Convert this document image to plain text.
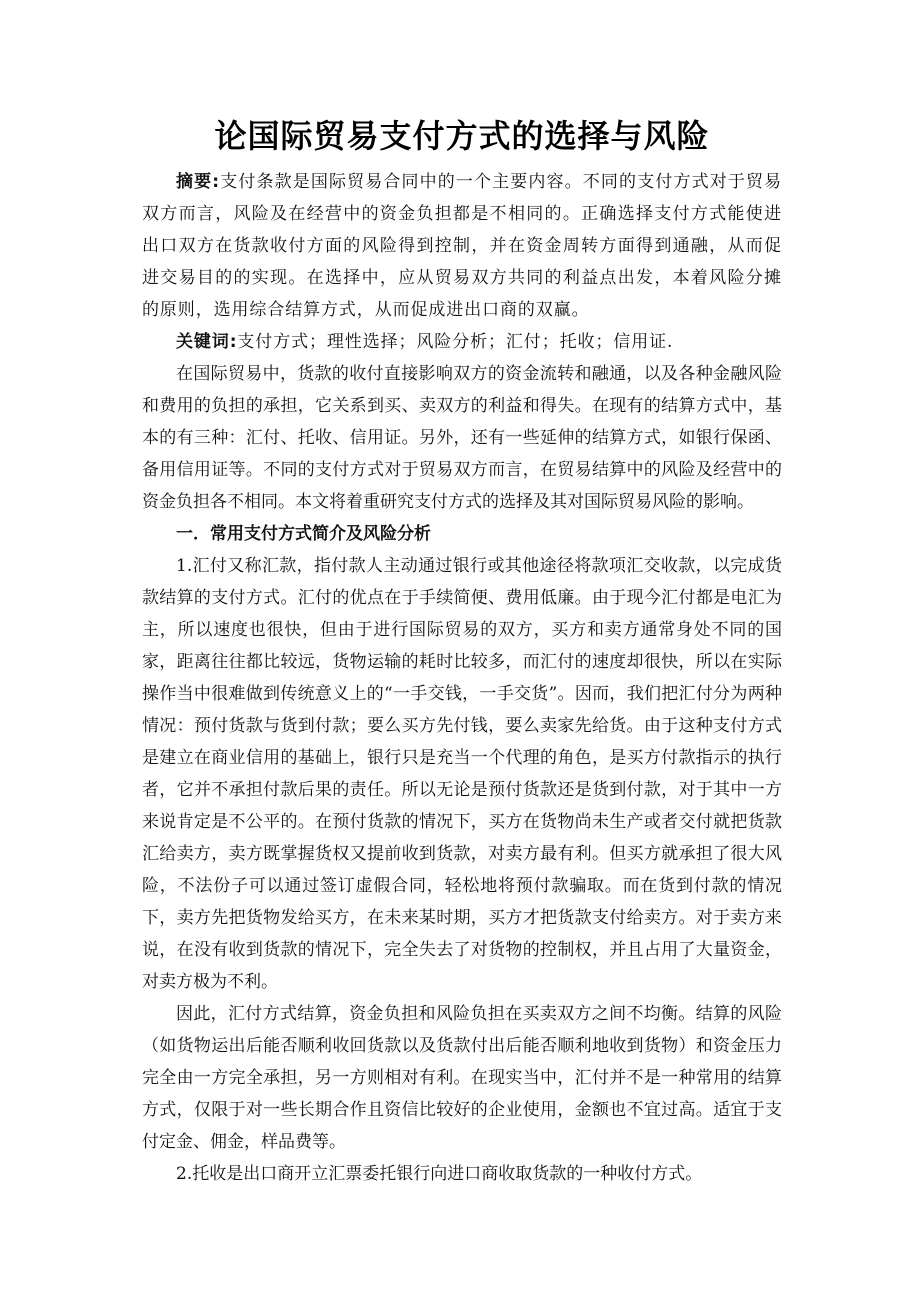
论国际贸易支付方式的选择与风险

摘要:支付条款是国际贸易合同中的一个主要内容。不同的支付方式对于贸易双方而言，风险及在经营中的资金负担都是不相同的。正确选择支付方式能使进出口双方在货款收付方面的风险得到控制，并在资金周转方面得到通融，从而促进交易目的的实现。在选择中，应从贸易双方共同的利益点出发，本着风险分摊的原则，选用综合结算方式，从而促成进出口商的双赢。

关键词:支付方式；理性选择；风险分析；汇付；托收；信用证.

在国际贸易中，货款的收付直接影响双方的资金流转和融通，以及各种金融风险和费用的负担的承担，它关系到买、卖双方的利益和得失。在现有的结算方式中，基本的有三种：汇付、托收、信用证。另外，还有一些延伸的结算方式，如银行保函、备用信用证等。不同的支付方式对于贸易双方而言，在贸易结算中的风险及经营中的资金负担各不相同。本文将着重研究支付方式的选择及其对国际贸易风险的影响。

一．常用支付方式简介及风险分析

1.汇付又称汇款，指付款人主动通过银行或其他途径将款项汇交收款，以完成货款结算的支付方式。汇付的优点在于手续简便、费用低廉。由于现今汇付都是电汇为主，所以速度也很快，但由于进行国际贸易的双方，买方和卖方通常身处不同的国家，距离往往都比较远，货物运输的耗时比较多，而汇付的速度却很快，所以在实际操作当中很难做到传统意义上的“一手交钱，一手交货”。因而，我们把汇付分为两种情况：预付货款与货到付款；要么买方先付钱，要么卖家先给货。由于这种支付方式是建立在商业信用的基础上，银行只是充当一个代理的角色，是买方付款指示的执行者，它并不承担付款后果的责任。所以无论是预付货款还是货到付款，对于其中一方来说肯定是不公平的。在预付货款的情况下，买方在货物尚未生产或者交付就把货款汇给卖方，卖方既掌握货权又提前收到货款，对卖方最有利。但买方就承担了很大风险，不法份子可以通过签订虚假合同，轻松地将预付款骗取。而在货到付款的情况下，卖方先把货物发给买方，在未来某时期，买方才把货款支付给卖方。对于卖方来说，在没有收到货款的情况下，完全失去了对货物的控制权，并且占用了大量资金，对卖方极为不利。

因此，汇付方式结算，资金负担和风险负担在买卖双方之间不均衡。结算的风险（如货物运出后能否顺利收回货款以及货款付出后能否顺利地收到货物）和资金压力完全由一方完全承担，另一方则相对有利。在现实当中，汇付并不是一种常用的结算方式，仅限于对一些长期合作且资信比较好的企业使用，金额也不宜过高。适宜于支付定金、佣金，样品费等。

2.托收是出口商开立汇票委托银行向进口商收取货款的一种收付方式。
